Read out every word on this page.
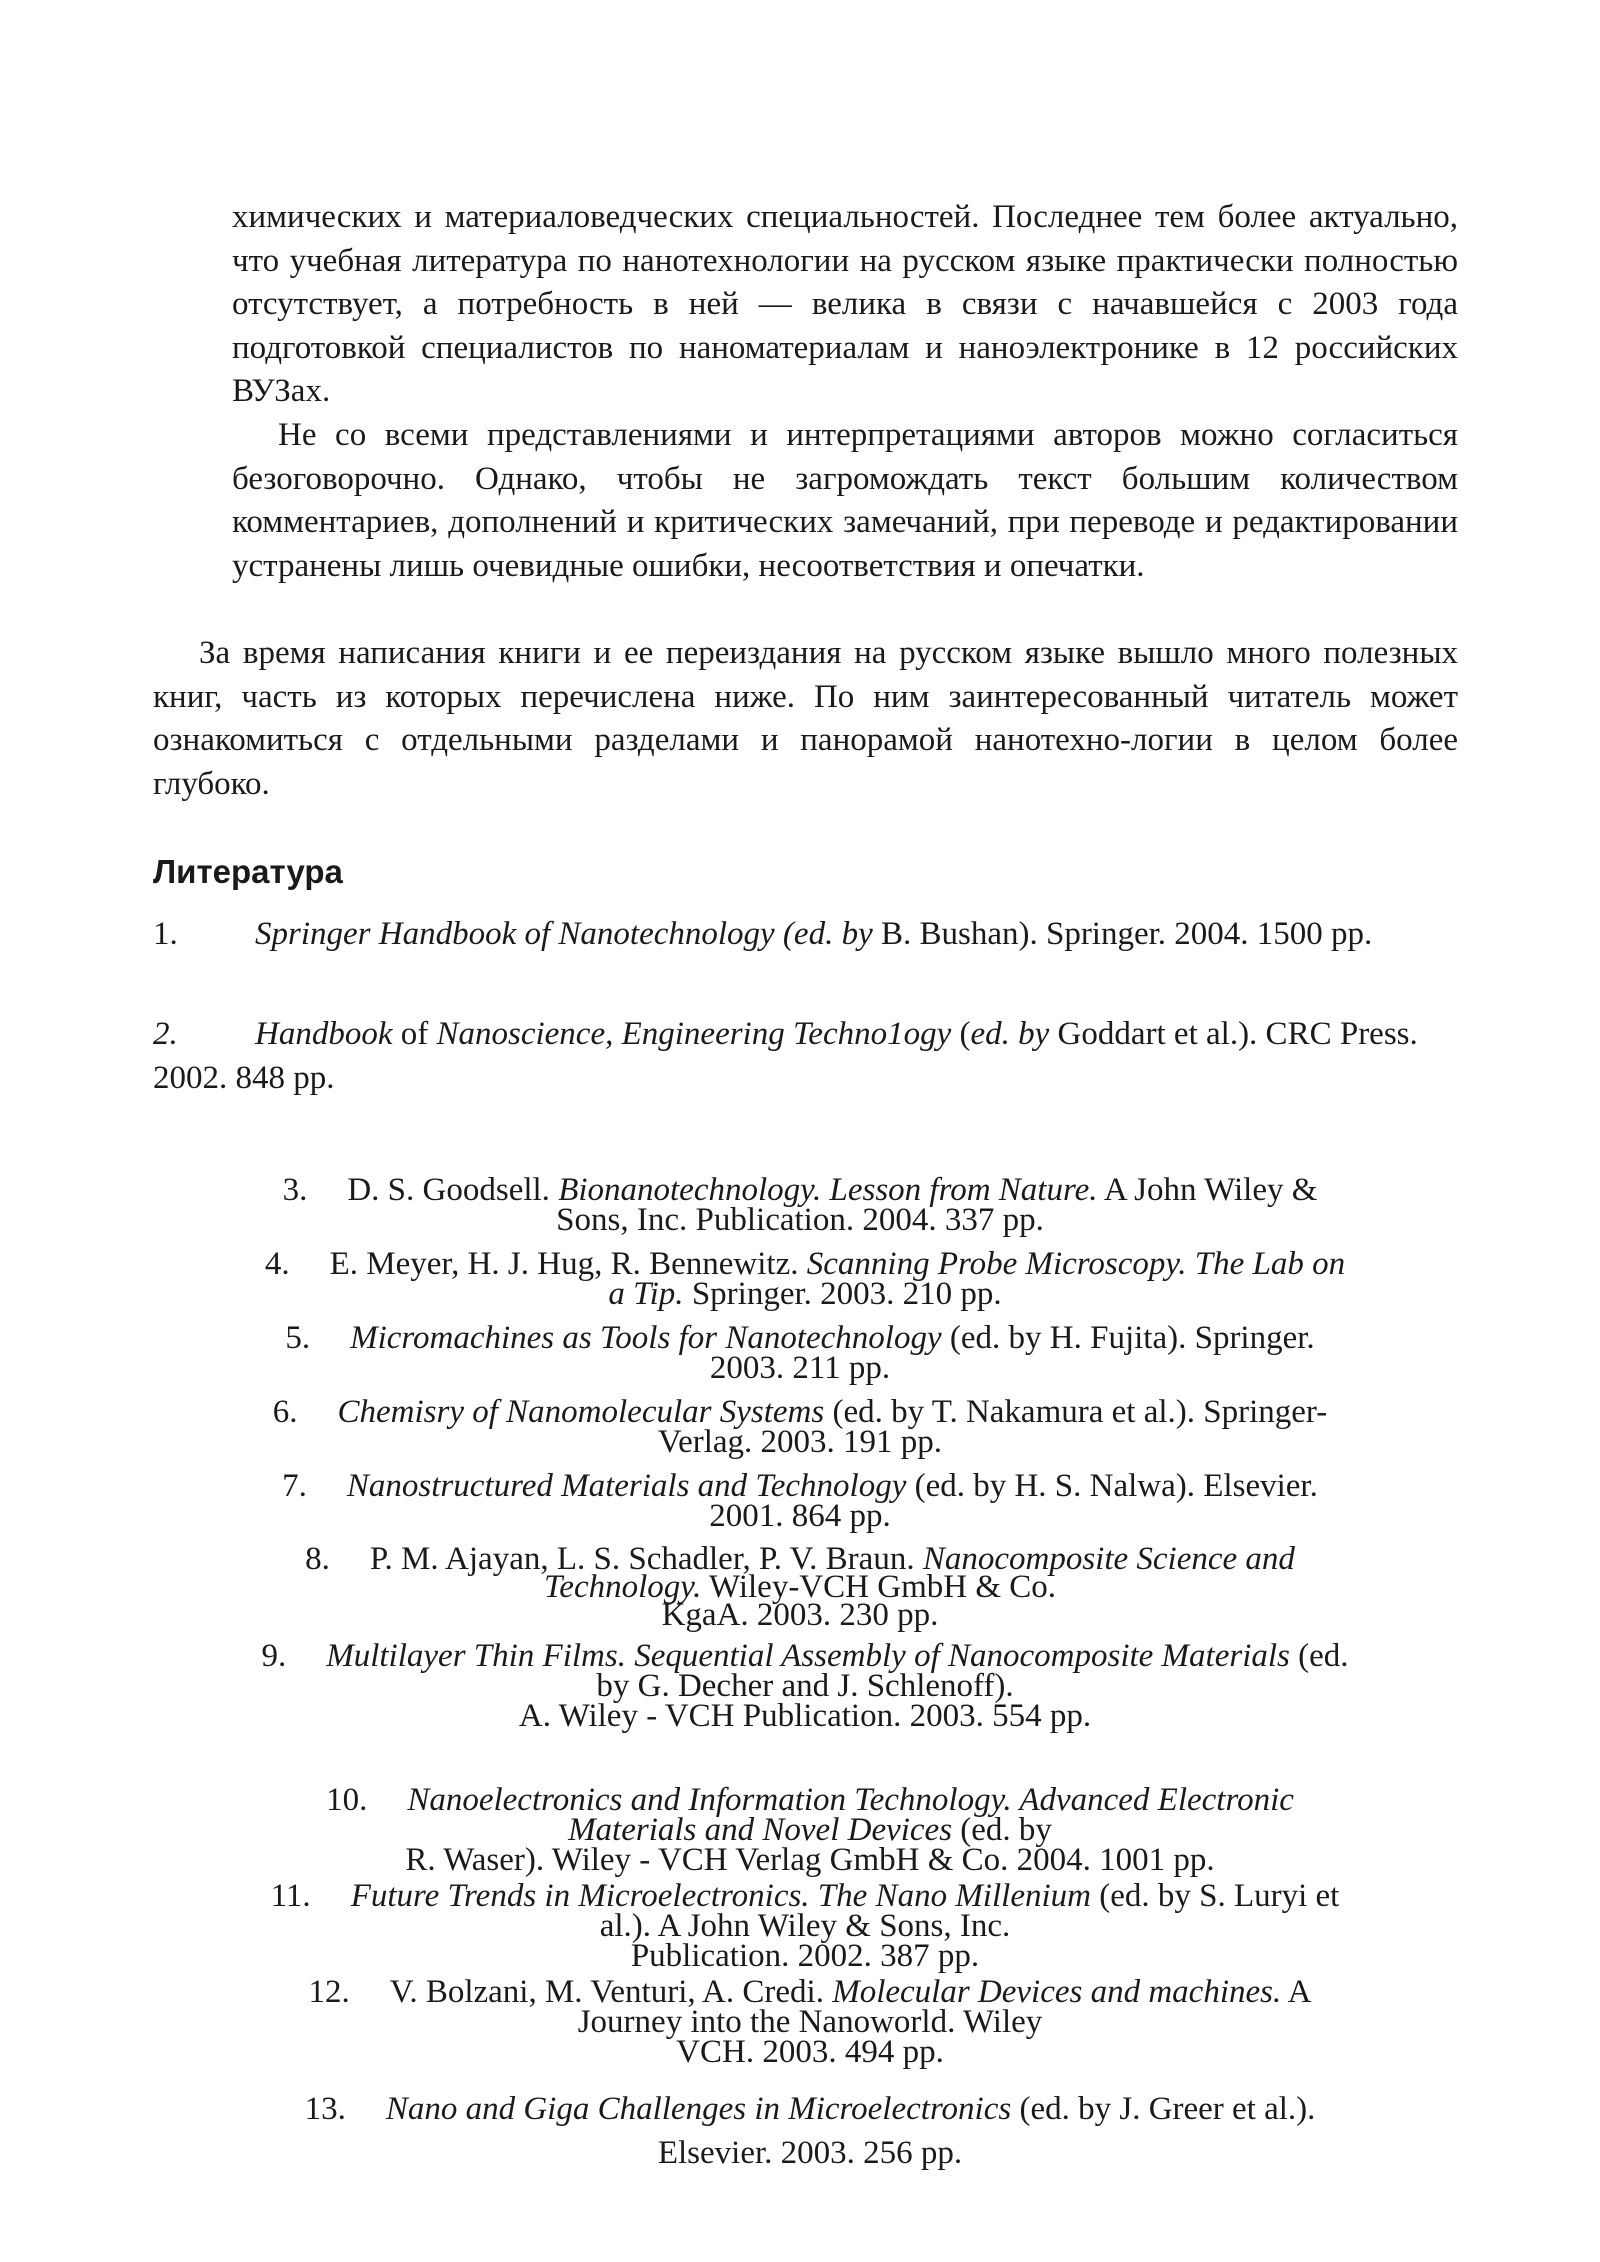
химических и материаловедческих специальностей. Последнее тем более актуально, что учебная литература по нанотехнологии на русском языке практически полностью отсутствует, а потребность в ней — велика в связи с начавшейся с 2003 года подготовкой специалистов по наноматериалам и наноэлектронике в 12 российских ВУЗах.

Не со всеми представлениями и интерпретациями авторов можно согласиться безоговорочно. Однако, чтобы не загромождать текст большим количеством комментариев, дополнений и критических замечаний, при переводе и редактировании устранены лишь очевидные ошибки, несоответствия и опечатки.

За время написания книги и ее переиздания на русском языке вышло много полезных книг, часть из которых перечислена ниже. По ним заинтересованный читатель может ознакомиться с отдельными разделами и панорамой нанотехно-логии в целом более глубоко.

Литература

1. Springer Handbook of Nanotechnology (ed. by B. Bushan). Springer. 2004. 1500 pp.

2. Handbook of Nanoscience, Engineering Techno1ogy (ed. by Goddart et al.). CRC Press. 2002. 848 pp.

3. D. S. Goodsell. Bionanotechnology. Lesson from Nature. A John Wiley &
Sons, Inc. Publication. 2004. 337 pp.
4. E. Meyer, H. J. Hug, R. Bennewitz. Scanning Probe Microscopy. The Lab on
a Tip. Springer. 2003. 210 pp.
5. Micromachines as Tools for Nanotechnology (ed. by H. Fujita). Springer.
2003. 211 pp.
6. Chemisry of Nanomolecular Systems (ed. by T. Nakamura et al.). Springer-
Verlag. 2003. 191 pp.
7. Nanostructured Materials and Technology (ed. by H. S. Nalwa). Elsevier.
2001. 864 pp.
8. P. M. Ajayan, L. S. Schadler, P. V. Braun. Nanocomposite Science and
Technology. Wiley-VCH GmbH & Co.
KgaA. 2003. 230 pp.
9. Multilayer Thin Films. Sequential Assembly of Nanocomposite Materials (ed.
by G. Decher and J. Schlenoff).
A. Wiley - VCH Publication. 2003. 554 pp.
10. Nanoelectronics and Information Technology. Advanced Electronic
Materials and Novel Devices (ed. by
R. Waser). Wiley - VCH Verlag GmbH & Co. 2004. 1001 pp.
11. Future Trends in Microelectronics. The Nano Millenium (ed. by S. Luryi et
al.). A John Wiley & Sons, Inc.
Publication. 2002. 387 pp.
12. V. Bolzani, M. Venturi, A. Credi. Molecular Devices and machines. A
Journey into the Nanoworld. Wiley
VCH. 2003. 494 pp.
13. Nano and Giga Challenges in Microelectronics (ed. by J. Greer et al.).
Elsevier. 2003. 256 pp.
